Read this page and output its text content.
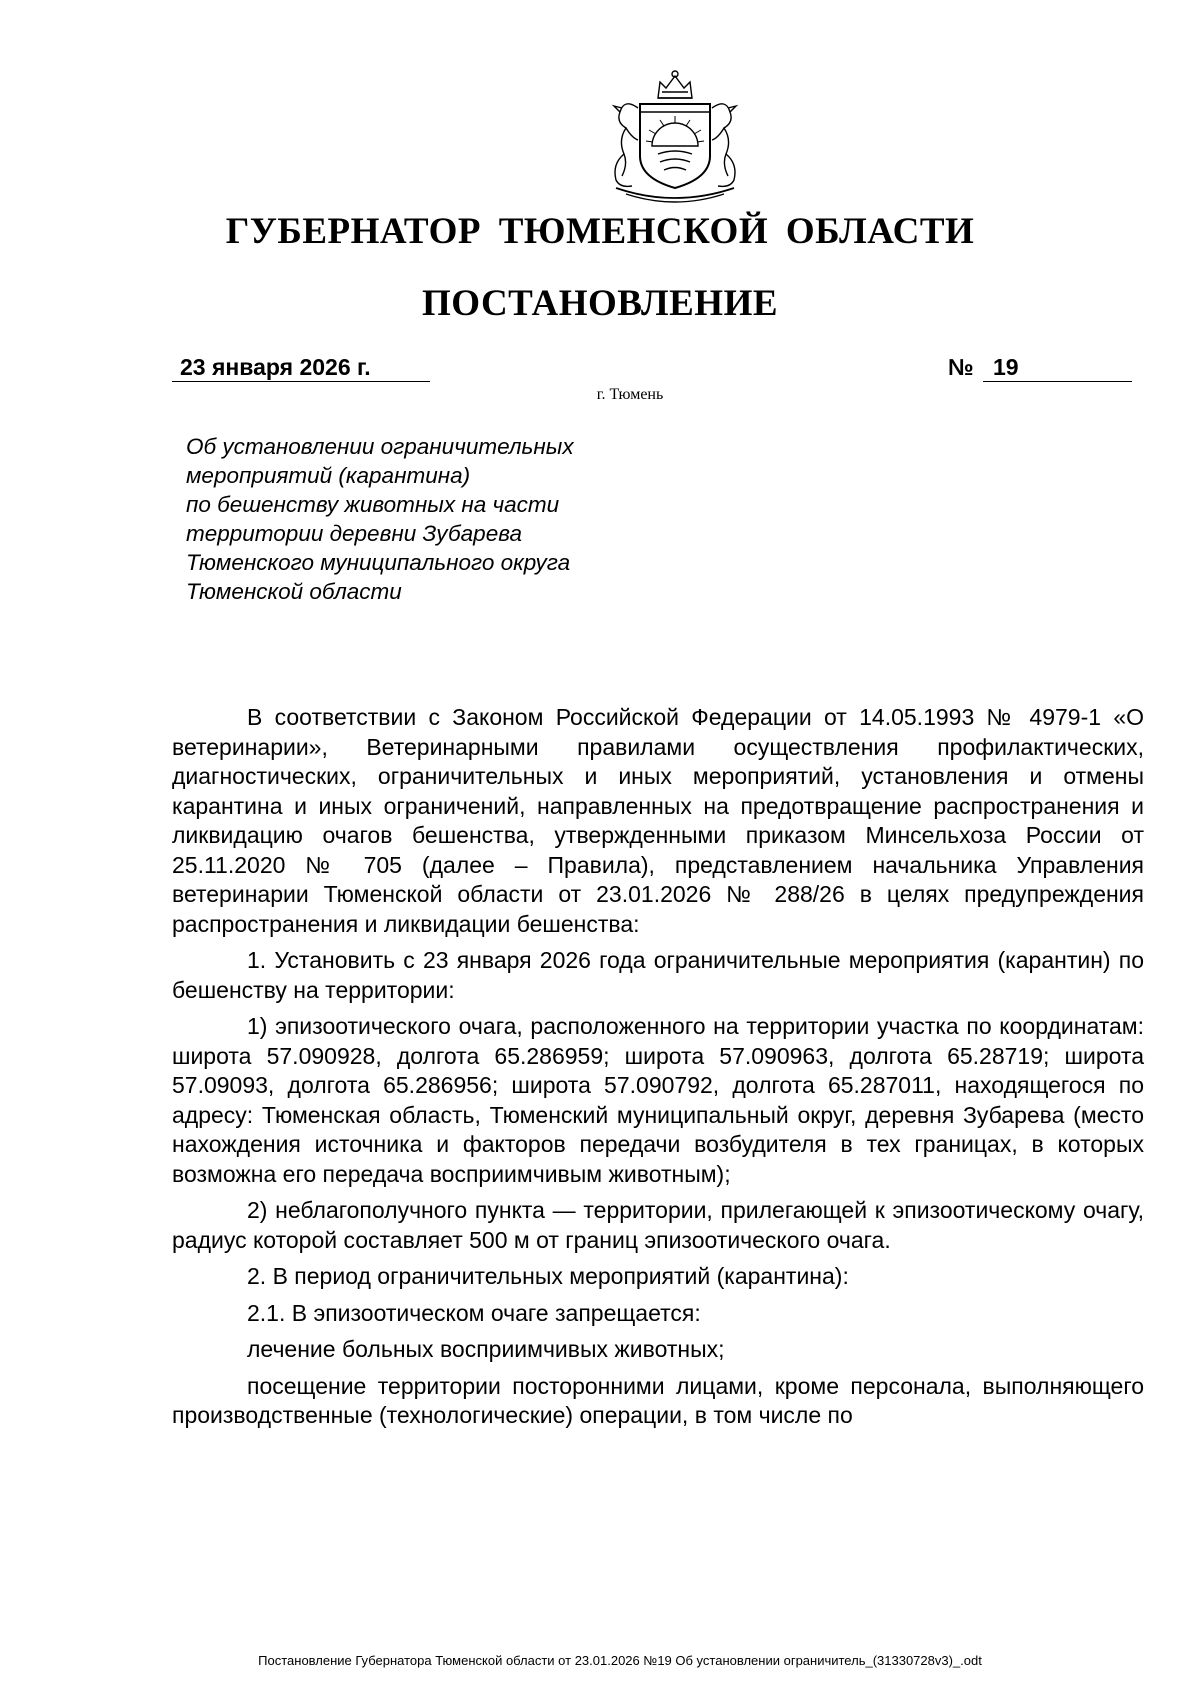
ГУБЕРНАТОР ТЮМЕНСКОЙ ОБЛАСТИ
ПОСТАНОВЛЕНИЕ
23 января 2026 г.	№ 19
г. Тюмень
Об установлении ограничительных
мероприятий (карантина)
по бешенству животных на части
территории деревни Зубарева
Тюменского муниципального округа
Тюменской области

В соответствии с Законом Российской Федерации от 14.05.1993 № 4979-1 «О ветеринарии», Ветеринарными правилами осуществления профилактических, диагностических, ограничительных и иных мероприятий, установления и отмены карантина и иных ограничений, направленных на предотвращение распространения и ликвидацию очагов бешенства, утвержденными приказом Минсельхоза России от 25.11.2020 № 705 (далее – Правила), представлением начальника Управления ветеринарии Тюменской области от 23.01.2026 № 288/26 в целях предупреждения распространения и ликвидации бешенства:

1. Установить с 23 января 2026 года ограничительные мероприятия (карантин) по бешенству на территории:

1) эпизоотического очага, расположенного на территории участка по координатам: широта 57.090928, долгота 65.286959; широта 57.090963, долгота 65.28719; широта 57.09093, долгота 65.286956; широта 57.090792, долгота 65.287011, находящегося по адресу: Тюменская область, Тюменский муниципальный округ, деревня Зубарева (место нахождения источника и факторов передачи возбудителя в тех границах, в которых возможна его передача восприимчивым животным);

2) неблагополучного пункта — территории, прилегающей к эпизоотическому очагу, радиус которой составляет 500 м от границ эпизоотического очага.

2. В период ограничительных мероприятий (карантина):

2.1. В эпизоотическом очаге запрещается:

лечение больных восприимчивых животных;

посещение территории посторонними лицами, кроме персонала, выполняющего производственные (технологические) операции, в том числе по

Постановление Губернатора Тюменской области от 23.01.2026 №19 Об установлении ограничитель_(31330728v3)_.odt
